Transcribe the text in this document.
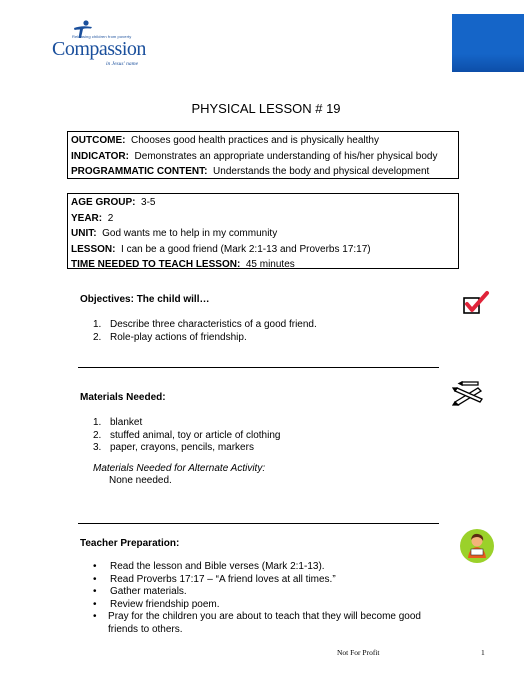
Releasing children from poverty
Compassion
in Jesus' name
PHYSICAL LESSON # 19
OUTCOME: Chooses good health practices and is physically healthy
INDICATOR: Demonstrates an appropriate understanding of his/her physical body
PROGRAMMATIC CONTENT: Understands the body and physical development
AGE GROUP: 3-5
YEAR: 2
UNIT: God wants me to help in my community
LESSON: I can be a good friend (Mark 2:1-13 and Proverbs 17:17)
TIME NEEDED TO TEACH LESSON: 45 minutes
Objectives: The child will…
1. Describe three characteristics of a good friend.
2. Role-play actions of friendship.
Materials Needed:
1. blanket
2. stuffed animal, toy or article of clothing
3. paper, crayons, pencils, markers
Materials Needed for Alternate Activity:
None needed.
Teacher Preparation:
•	Read the lesson and Bible verses (Mark 2:1-13).
•	Read Proverbs 17:17 – “A friend loves at all times.”
•	Gather materials.
•	Review friendship poem.
•	Pray for the children you are about to teach that they will become good friends to others.
Not For Profit	1
